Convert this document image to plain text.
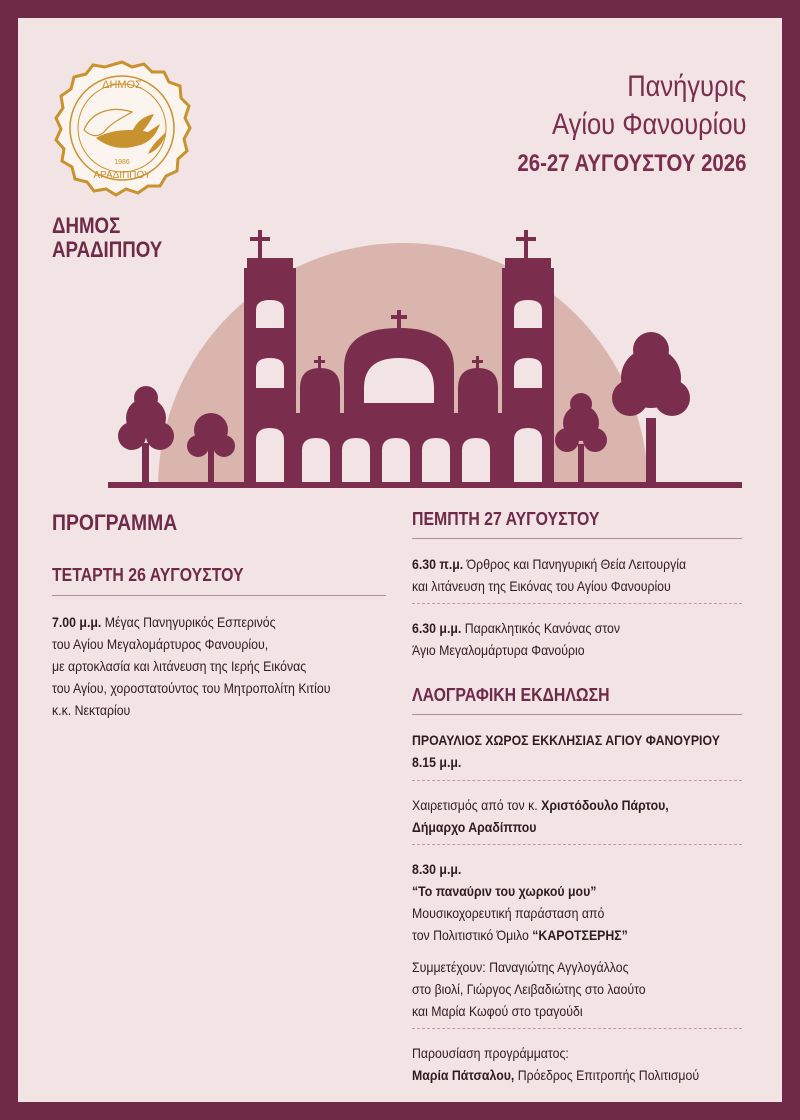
ΔΗΜΟΣ
1986
ΑΡΑΔΙΠΠΟΥ
ΔΗΜΟΣ
ΑΡΑΔΙΠΠΟΥ
Πανήγυρις
Αγίου Φανουρίου
26-27 ΑΥΓΟΥΣΤΟΥ 2026
ΠΡΟΓΡΑΜΜΑ
ΤΕΤΑΡΤΗ 26 ΑΥΓΟΥΣΤΟΥ
7.00 μ.μ. Μέγας Πανηγυρικός Εσπερινός
του Αγίου Μεγαλομάρτυρος Φανουρίου,
με αρτοκλασία και λιτάνευση της Ιερής Εικόνας
του Αγίου, χοροστατούντος του Μητροπολίτη Κιτίου
κ.κ. Νεκταρίου
ΠΕΜΠΤΗ 27 ΑΥΓΟΥΣΤΟΥ
6.30 π.μ. Όρθρος και Πανηγυρική Θεία Λειτουργία
και λιτάνευση της Εικόνας του Αγίου Φανουρίου
6.30 μ.μ. Παρακλητικός Κανόνας στον
Άγιο Μεγαλομάρτυρα Φανούριο
ΛΑΟΓΡΑΦΙΚΗ ΕΚΔΗΛΩΣΗ
ΠΡΟΑΥΛΙΟΣ ΧΩΡΟΣ ΕΚΚΛΗΣΙΑΣ ΑΓΙΟΥ ΦΑΝΟΥΡΙΟΥ
8.15 μ.μ.
Χαιρετισμός από τον κ. Χριστόδουλο Πάρτου,
Δήμαρχο Αραδίππου
8.30 μ.μ.
“Το παναύριν του χωρκού μου”
Μουσικοχορευτική παράσταση από
τον Πολιτιστικό Όμιλο “ΚΑΡΟΤΣΕΡΗΣ”
Συμμετέχουν: Παναγιώτης Αγγλογάλλος
στο βιολί, Γιώργος Λειβαδιώτης στο λαούτο
και Μαρία Κωφού στο τραγούδι
Παρουσίαση προγράμματος:
Μαρία Πάτσαλου, Πρόεδρος Επιτροπής Πολιτισμού
